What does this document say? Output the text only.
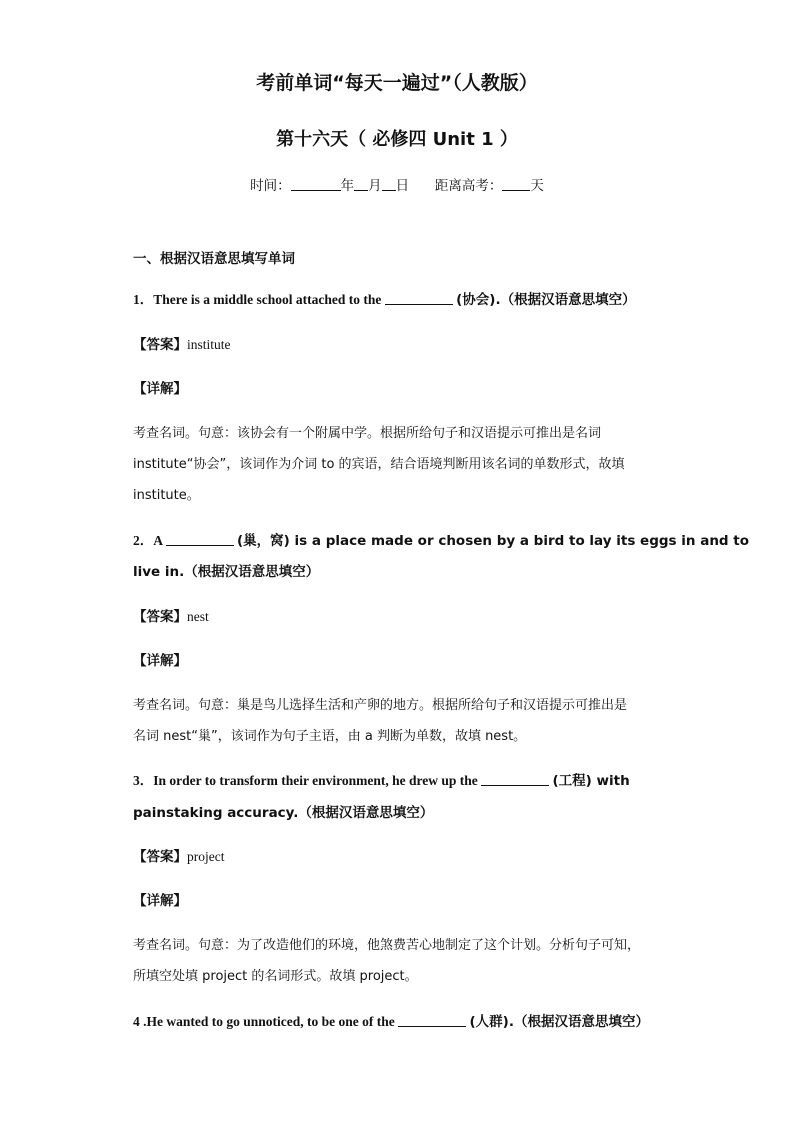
考前单词“每天一遍过”（人教版）
第十六天（ 必修四 Unit 1 ）
时间：	年 月 日 距离高考： 天
一、根据汉语意思填写单词
1．There is a middle school attached to the	(协会).（根据汉语意思填空）
【答案】institute
【详解】
考查名词。句意：该协会有一个附属中学。根据所给句子和汉语提示可推出是名词
institute“协会”，该词作为介词 to 的宾语，结合语境判断用该名词的单数形式，故填
institute。
2．A	(巢，窝) is a place made or chosen by a bird to lay its eggs in and to
live in.（根据汉语意思填空）
【答案】nest
【详解】
考查名词。句意：巢是鸟儿选择生活和产卵的地方。根据所给句子和汉语提示可推出是
名词 nest“巢”，该词作为句子主语，由 a 判断为单数，故填 nest。
3．In order to transform their environment, he drew up the	(工程) with
painstaking accuracy.（根据汉语意思填空）
【答案】project
【详解】
考查名词。句意：为了改造他们的环境，他煞费苦心地制定了这个计划。分析句子可知，
所填空处填 project 的名词形式。故填 project。
4 .He wanted to go unnoticed, to be one of the	(人群).（根据汉语意思填空）
